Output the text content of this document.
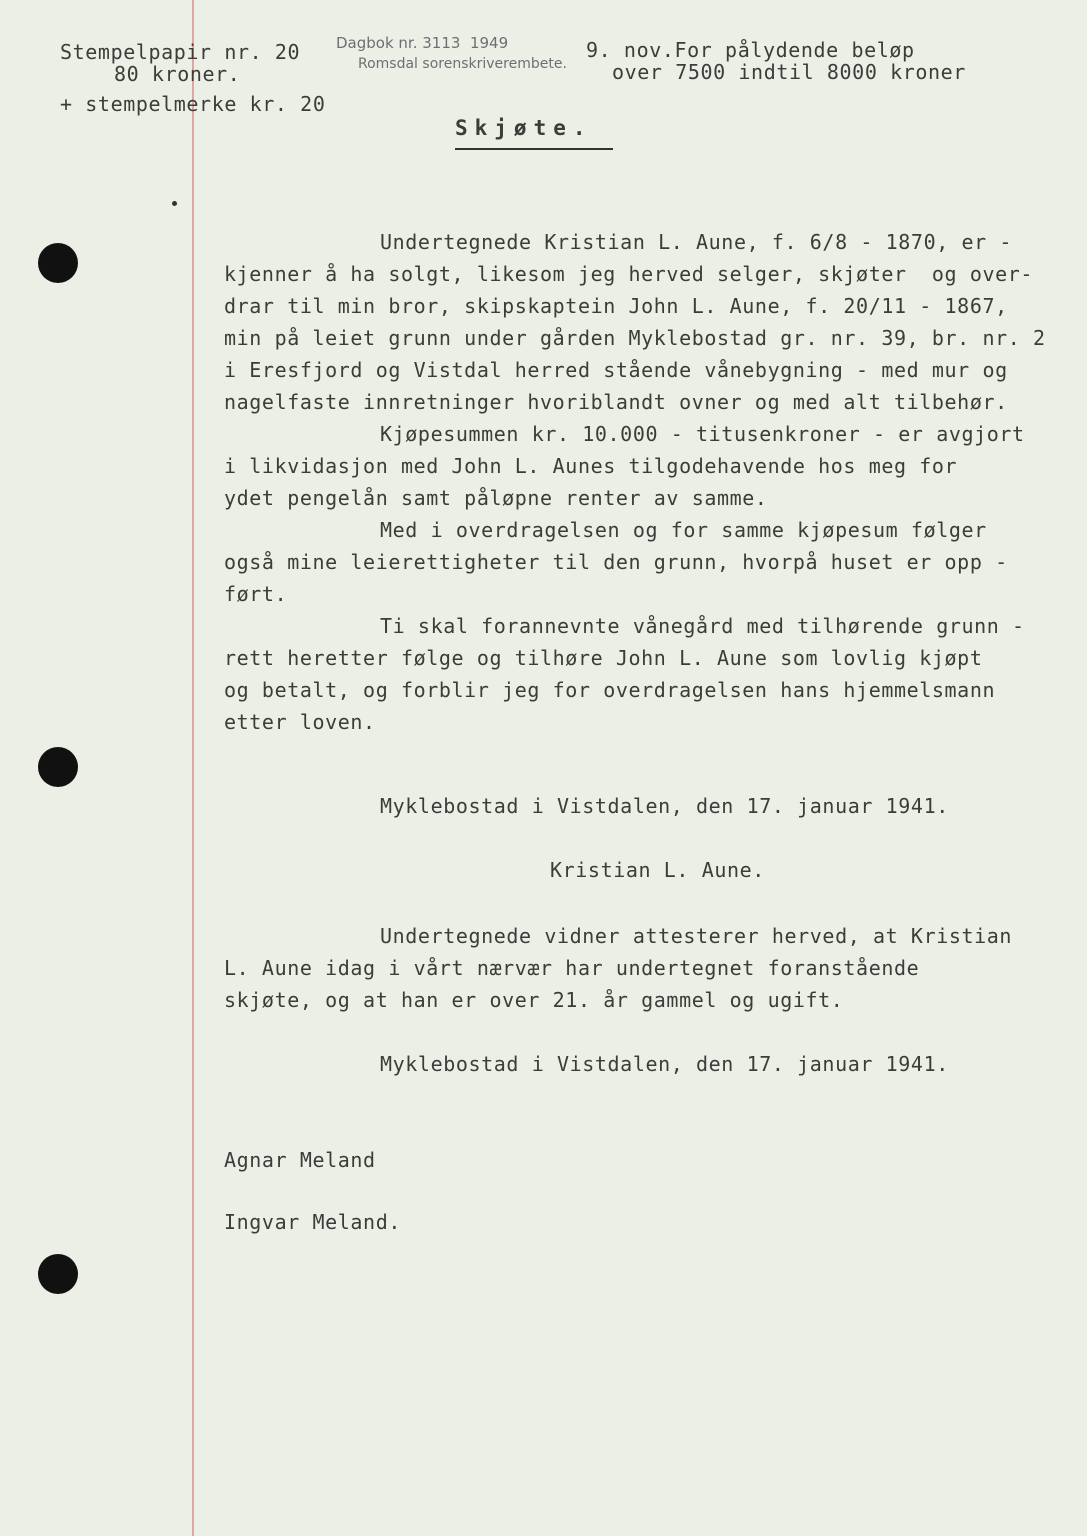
Stempelpapir nr. 20
80 kroner.
+ stempelmerke kr. 20
Dagbok nr. 3113  1949
Romsdal sorenskriverembete.
9. nov.For pålydende beløp
over 7500 indtil 8000 kroner
Skjøte.
Undertegnede Kristian L. Aune, f. 6/8 - 1870, er -
kjenner å ha solgt, likesom jeg herved selger, skjøter  og over-
drar til min bror, skipskaptein John L. Aune, f. 20/11 - 1867,
min på leiet grunn under gården Myklebostad gr. nr. 39, br. nr. 2
i Eresfjord og Vistdal herred stående vånebygning - med mur og
nagelfaste innretninger hvoriblandt ovner og med alt tilbehør.
Kjøpesummen kr. 10.000 - titusenkroner - er avgjort
i likvidasjon med John L. Aunes tilgodehavende hos meg for
ydet pengelån samt påløpne renter av samme.
Med i overdragelsen og for samme kjøpesum følger
også mine leierettigheter til den grunn, hvorpå huset er opp -
ført.
Ti skal forannevnte vånegård med tilhørende grunn -
rett heretter følge og tilhøre John L. Aune som lovlig kjøpt
og betalt, og forblir jeg for overdragelsen hans hjemmelsmann
etter loven.
Myklebostad i Vistdalen, den 17. januar 1941.
Kristian L. Aune.
Undertegnede vidner attesterer herved, at Kristian
L. Aune idag i vårt nærvær har undertegnet foranstående
skjøte, og at han er over 21. år gammel og ugift.
Myklebostad i Vistdalen, den 17. januar 1941.
Agnar Meland
Ingvar Meland.
